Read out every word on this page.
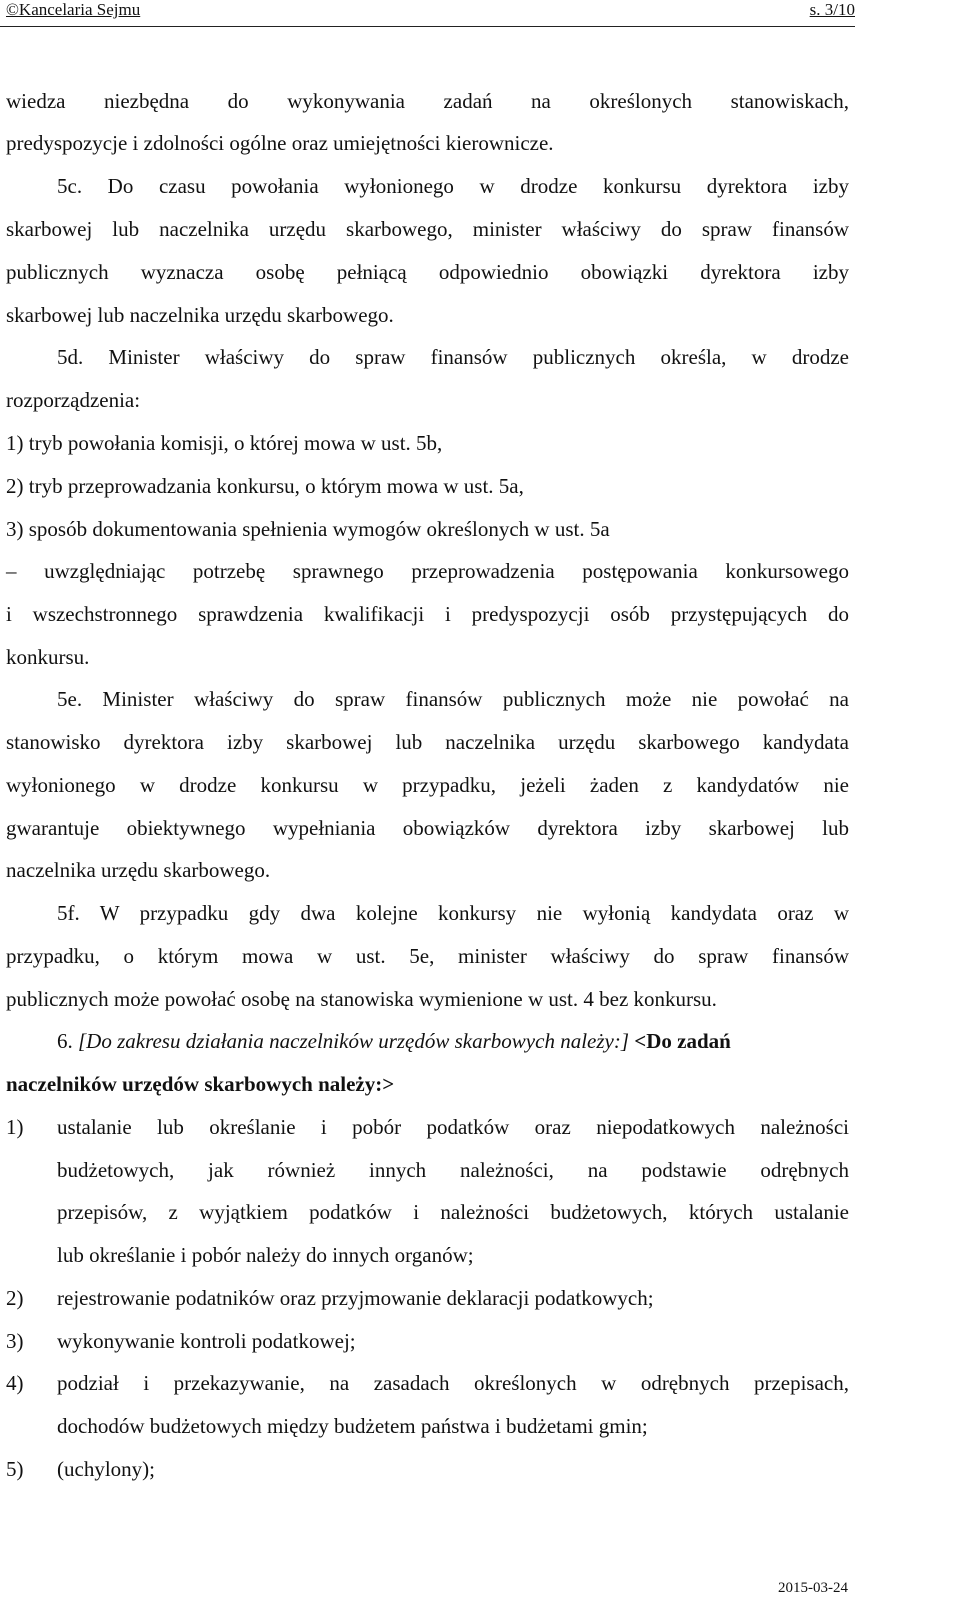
©Kancelaria Sejmu	s. 3/10
wiedza niezbędna do wykonywania zadań na określonych stanowiskach,
predyspozycje i zdolności ogólne oraz umiejętności kierownicze.
5c. Do czasu powołania wyłonionego w drodze konkursu dyrektora izby
skarbowej lub naczelnika urzędu skarbowego, minister właściwy do spraw finansów
publicznych wyznacza osobę pełniącą odpowiednio obowiązki dyrektora izby
skarbowej lub naczelnika urzędu skarbowego.
5d. Minister właściwy do spraw finansów publicznych określa, w drodze
rozporządzenia:
1) tryb powołania komisji, o której mowa w ust. 5b,
2) tryb przeprowadzania konkursu, o którym mowa w ust. 5a,
3) sposób dokumentowania spełnienia wymogów określonych w ust. 5a
– uwzględniając potrzebę sprawnego przeprowadzenia postępowania konkursowego
i wszechstronnego sprawdzenia kwalifikacji i predyspozycji osób przystępujących do
konkursu.
5e. Minister właściwy do spraw finansów publicznych może nie powołać na
stanowisko dyrektora izby skarbowej lub naczelnika urzędu skarbowego kandydata
wyłonionego w drodze konkursu w przypadku, jeżeli żaden z kandydatów nie
gwarantuje obiektywnego wypełniania obowiązków dyrektora izby skarbowej lub
naczelnika urzędu skarbowego.
5f. W przypadku gdy dwa kolejne konkursy nie wyłonią kandydata oraz w
przypadku, o którym mowa w ust. 5e, minister właściwy do spraw finansów
publicznych może powołać osobę na stanowiska wymienione w ust. 4 bez konkursu.
6. [Do zakresu działania naczelników urzędów skarbowych należy:] <Do zadań
naczelników urzędów skarbowych należy:>
1) ustalanie lub określanie i pobór podatków oraz niepodatkowych należności
budżetowych, jak również innych należności, na podstawie odrębnych
przepisów, z wyjątkiem podatków i należności budżetowych, których ustalanie
lub określanie i pobór należy do innych organów;
2) rejestrowanie podatników oraz przyjmowanie deklaracji podatkowych;
3) wykonywanie kontroli podatkowej;
4) podział i przekazywanie, na zasadach określonych w odrębnych przepisach,
dochodów budżetowych między budżetem państwa i budżetami gmin;
5) (uchylony);
2015-03-24
